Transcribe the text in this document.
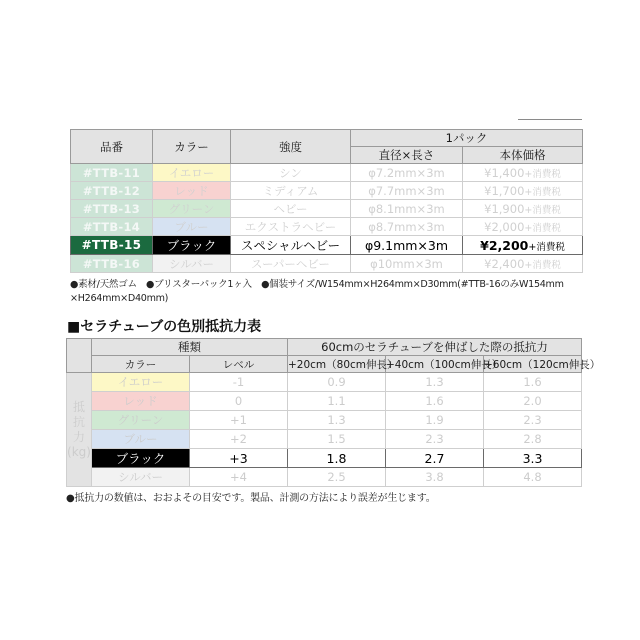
品番	カラー	強度	1パック	
			直径×長さ	本体価格
#TTB-11	イエロー	シン	φ7.2mm×3m	¥1,400+消費税
#TTB-12	レッド	ミディアム	φ7.7mm×3m	¥1,700+消費税
#TTB-13	グリーン	ヘビー	φ8.1mm×3m	¥1,900+消費税
#TTB-14	ブルー	エクストラヘビー	φ8.7mm×3m	¥2,000+消費税
#TTB-15	ブラック	スペシャルヘビー	φ9.1mm×3m	¥2,200+消費税
#TTB-16	シルバー	スーパーヘビー	φ10mm×3m	¥2,400+消費税
●素材/天然ゴム　●ブリスターパック1ヶ入　●個装サイズ/W154mm×H264mm×D30mm(#TTB-16のみW154mm
×H264mm×D40mm)
■セラチューブの色別抵抗力表
	種類		60cmのセラチューブを伸ばした際の抵抗力		
	カラー	レベル	+20cm（80cm伸長）	+40cm（100cm伸長）	+60cm（120cm伸長）

抵
抗
力
(kg)	イエロー	-1	0.9	1.3	1.6
	レッド	0	1.1	1.6	2.0
	グリーン	+1	1.3	1.9	2.3
	ブルー	+2	1.5	2.3	2.8
	ブラック	+3	1.8	2.7	3.3
	シルバー	+4	2.5	3.8	4.8
●抵抗力の数値は、おおよその目安です。製品、計測の方法により誤差が生じます。
